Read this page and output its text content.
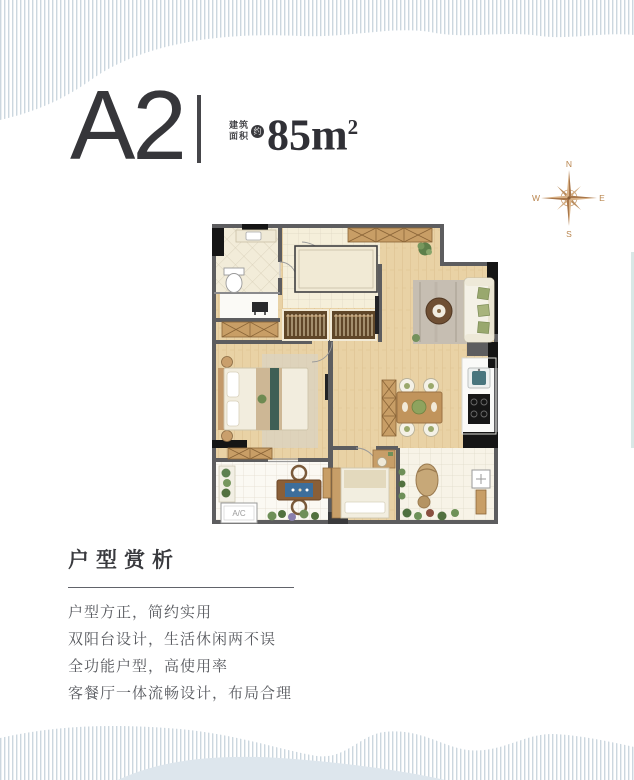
A2	建筑
面积 约 $85m^2$
N
S
W	E
A/C
户型赏析

户型方正，简约实用

双阳台设计，生活休闲两不误

全功能户型，高使用率

客餐厅一体流畅设计，布局合理
